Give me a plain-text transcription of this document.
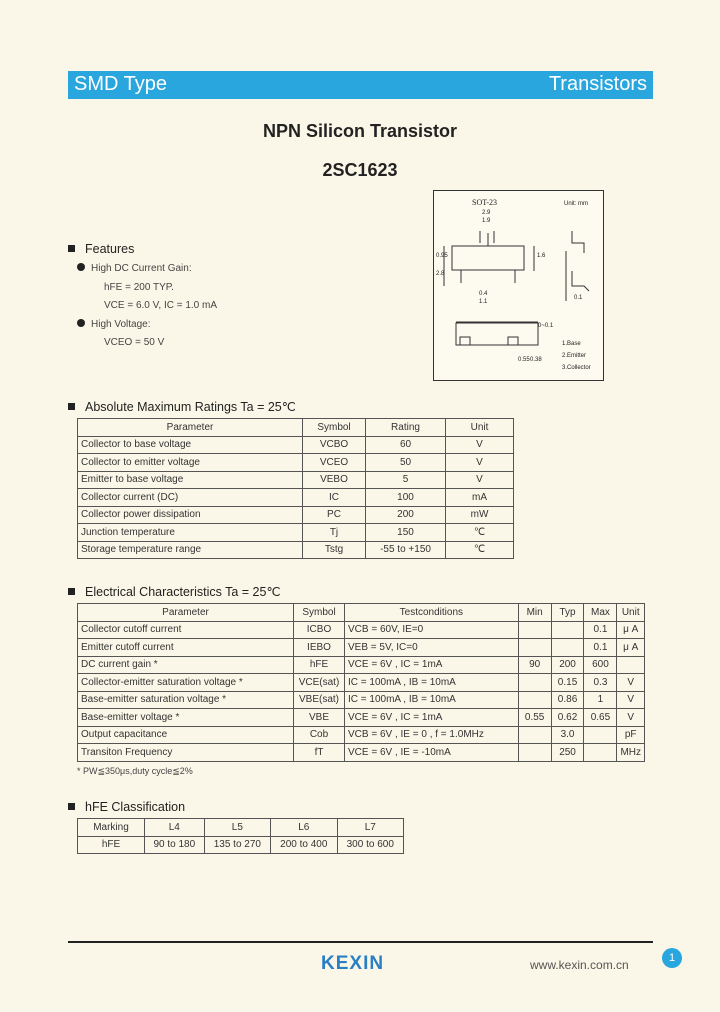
SMD Type	Transistors
NPN Silicon Transistor
2SC1623
Features
High DC Current Gain:
hFE = 200 TYP.
VCE = 6.0 V, IC = 1.0 mA
High Voltage:
VCEO = 50 V
SOT-23	Unit: mm
2.9
1.9
0.95	1.6
2.8
0.4
1.1
0.1
0~0.1
0.55 0.38
1.Base
2.Emitter
3.Collector
Absolute Maximum Ratings Ta = 25℃
Parameter	Symbol	Rating	Unit
Collector to base voltage	VCBO	60	V
Collector to emitter voltage	VCEO	50	V
Emitter to base voltage	VEBO	5	V
Collector current (DC)	IC	100	mA
Collector power dissipation	PC	200	mW
Junction temperature	Tj	150	℃
Storage temperature range	Tstg	-55 to +150	℃
Electrical Characteristics Ta = 25℃
Parameter	Symbol	Testconditions	Min	Typ	Max	Unit
Collector cutoff current	ICBO	VCB = 60V, IE=0			0.1	μ A
Emitter cutoff current	IEBO	VEB = 5V, IC=0			0.1	μ A
DC current gain *	hFE	VCE = 6V , IC = 1mA	90	200	600	
Collector-emitter saturation voltage *	VCE(sat)	IC = 100mA , IB = 10mA		0.15	0.3	V
Base-emitter saturation voltage *	VBE(sat)	IC = 100mA , IB = 10mA		0.86	1	V
Base-emitter voltage *	VBE	VCE = 6V , IC = 1mA	0.55	0.62	0.65	V
Output capacitance	Cob	VCB = 6V , IE = 0 , f = 1.0MHz		3.0		pF
Transiton Frequency	fT	VCE = 6V , IE = -10mA		250		MHz
* PW≦350μs,duty cycle≦2%
hFE Classification
Marking	L4	L5	L6	L7
hFE	90 to 180	135 to 270	200 to 400	300 to 600
KEXIN	www.kexin.com.cn	1
